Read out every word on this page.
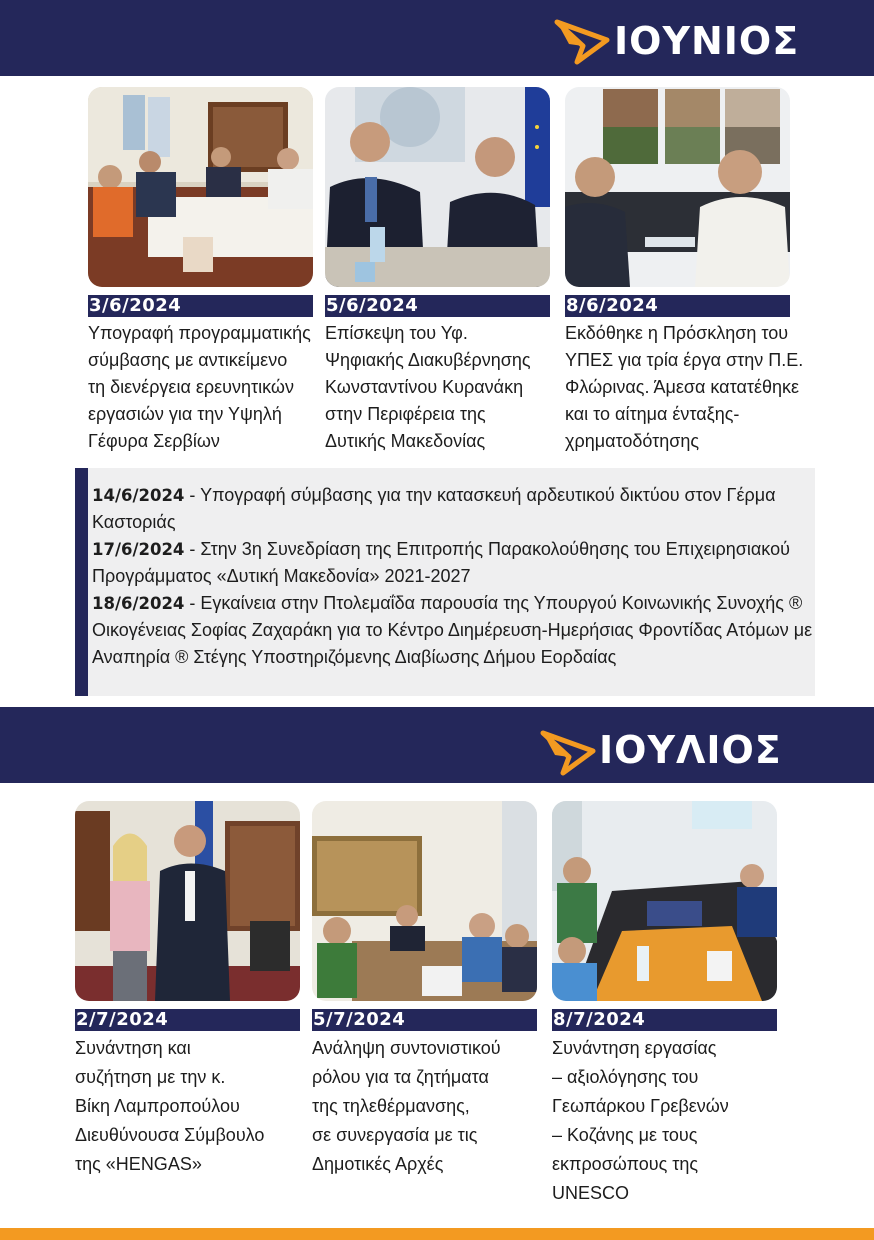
ΙΟΥΝΙΟΣ
3/6/2024	5/6/2024	8/6/2024
Υπογραφή προγραμματικής
σύμβασης με αντικείμενο
τη διενέργεια ερευνητικών
εργασιών για την Υψηλή
Γέφυρα Σερβίων
Επίσκεψη του Υφ.
Ψηφιακής Διακυβέρνησης
Κωνσταντίνου Κυρανάκη
στην Περιφέρεια της
Δυτικής Μακεδονίας
Εκδόθηκε η Πρόσκληση του
ΥΠΕΣ για τρία έργα στην Π.Ε.
Φλώρινας. Άμεσα κατατέθηκε
και το αίτημα ένταξης-
χρηματοδότησης
14/6/2024 - Υπογραφή σύμβασης για την κατασκευή αρδευτικού δικτύου στον Γέρμα Καστοριάς
17/6/2024 - Στην 3η Συνεδρίαση της Επιτροπής Παρακολούθησης του Επιχειρησιακού Προγράμματος «Δυτική Μακεδονία» 2021-2027
18/6/2024 - Εγκαίνεια στην Πτολεμαΐδα παρουσία της Υπουργού Κοινωνικής Συνοχής ® Οικογένειας Σοφίας Ζαχαράκη για το Κέντρο Διημέρευση-Ημερήσιας Φροντίδας Ατόμων με Αναπηρία ® Στέγης Υποστηριζόμενης Διαβίωσης Δήμου Εορδαίας
ΙΟΥΛΙΟΣ
2/7/2024	5/7/2024	8/7/2024
Συνάντηση και
συζήτηση με την κ.
Βίκη Λαμπροπούλου
Διευθύνουσα Σύμβουλο
της «HENGAS»
Ανάληψη συντονιστικού
ρόλου για τα ζητήματα
της τηλεθέρμανσης,
σε συνεργασία με τις
Δημοτικές Αρχές
Συνάντηση εργασίας
– αξιολόγησης του
Γεωπάρκου Γρεβενών
– Κοζάνης με τους
εκπροσώπους της
UNESCO
